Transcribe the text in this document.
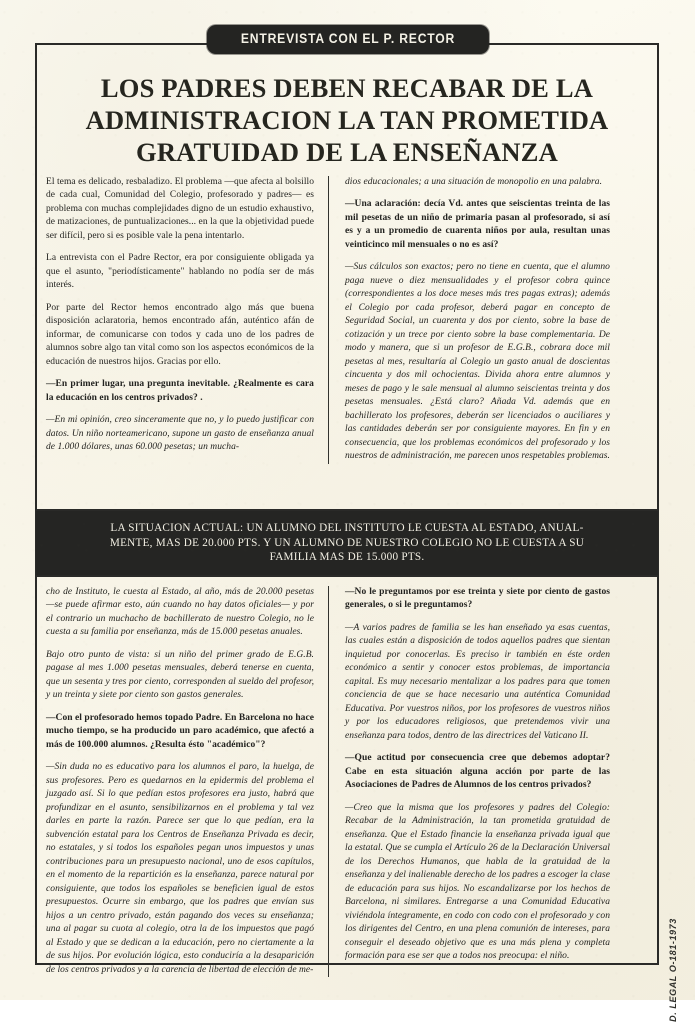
ENTREVISTA CON EL P. RECTOR
LOS PADRES DEBEN RECABAR DE LA
ADMINISTRACION LA TAN PROMETIDA
GRATUIDAD DE LA ENSEÑANZA

El tema es delicado, resbaladizo. El problema —que afecta al bolsillo de cada cual, Comunidad del Colegio, profesorado y padres— es problema con muchas complejidades digno de un estudio exhaustivo, de matizaciones, de puntualizaciones... en la que la objetividad puede ser difícil, pero si es posible vale la pena intentarlo.

La entrevista con el Padre Rector, era por consiguiente obligada ya que el asunto, "periodísticamente" hablando no podía ser de más interés.

Por parte del Rector hemos encontrado algo más que buena disposición aclaratoria, hemos encontrado afán, auténtico afán de informar, de comunicarse con todos y cada uno de los padres de alumnos sobre algo tan vital como son los aspectos económicos de la educación de nuestros hijos. Gracias por ello.

—En primer lugar, una pregunta inevitable. ¿Realmente es cara la educación en los centros privados? .

—En mi opinión, creo sinceramente que no, y lo puedo justificar con datos. Un niño norteamericano, supone un gasto de enseñanza anual de 1.000 dólares, unas 60.000 pesetas; un mucha-

dios educacionales; a una situación de monopolio en una palabra.

—Una aclaración: decía Vd. antes que seiscientas treinta de las mil pesetas de un niño de primaria pasan al profesorado, si así es y a un promedio de cuarenta niños por aula, resultan unas veinticinco mil mensuales o no es así?

—Sus cálculos son exactos; pero no tiene en cuenta, que el alumno paga nueve o diez mensualidades y el profesor cobra quince (correspondientes a los doce meses más tres pagas extras); además el Colegio por cada profesor, deberá pagar en concepto de Seguridad Social, un cuarenta y dos por ciento, sobre la base de cotización y un trece por ciento sobre la base complementaria. De modo y manera, que si un profesor de E.G.B., cobrara doce mil pesetas al mes, resultaría al Colegio un gasto anual de doscientas cincuenta y dos mil ochocientas. Divida ahora entre alumnos y meses de pago y le sale mensual al alumno seiscientas treinta y dos pesetas mensuales. ¿Está claro? Añada Vd. además que en bachillerato los profesores, deberán ser licenciados o auciliares y las cantidades deberán ser por consiguiente mayores. En fin y en consecuencia, que los problemas económicos del profesorado y los nuestros de administración, me parecen unos respetables problemas.

LA SITUACION ACTUAL: UN ALUMNO DEL INSTITUTO LE CUESTA AL ESTADO, ANUAL-
MENTE, MAS DE 20.000 PTS. Y UN ALUMNO DE NUESTRO COLEGIO NO LE CUESTA A SU
FAMILIA MAS DE 15.000 PTS.

cho de Instituto, le cuesta al Estado, al año, más de 20.000 pesetas —se puede afirmar esto, aún cuando no hay datos oficiales— y por el contrario un muchacho de bachillerato de nuestro Colegio, no le cuesta a su familia por enseñanza, más de 15.000 pesetas anuales.

Bajo otro punto de vista: si un niño del primer grado de E.G.B. pagase al mes 1.000 pesetas mensuales, deberá tenerse en cuenta, que un sesenta y tres por ciento, corresponden al sueldo del profesor, y un treinta y siete por ciento son gastos generales.

—Con el profesorado hemos topado Padre. En Barcelona no hace mucho tiempo, se ha producido un paro académico, que afectó a más de 100.000 alumnos. ¿Resulta ésto "académico"?

—Sin duda no es educativo para los alumnos el paro, la huelga, de sus profesores. Pero es quedarnos en la epidermis del problema el juzgado así. Si lo que pedían estos profesores era justo, habrá que profundizar en el asunto, sensibilizarnos en el problema y tal vez darles en parte la razón. Parece ser que lo que pedían, era la subvención estatal para los Centros de Enseñanza Privada es decir, no estatales, y si todos los españoles pegan unos impuestos y unas contribuciones para un presupuesto nacional, uno de esos capítulos, en el momento de la repartición es la enseñanza, parece natural por consiguiente, que todos los españoles se beneficien igual de estos presupuestos. Ocurre sin embargo, que los padres que envían sus hijos a un centro privado, están pagando dos veces su enseñanza; una al pagar su cuota al colegio, otra la de los impuestos que pagó al Estado y que se dedican a la educación, pero no ciertamente a la de sus hijos. Por evolución lógica, esto conduciría a la desaparición de los centros privados y a la carencia de libertad de elección de me-

—No le preguntamos por ese treinta y siete por ciento de gastos generales, o si le preguntamos?

—A varios padres de familia se les han enseñado ya esas cuentas, las cuales están a disposición de todos aquellos padres que sientan inquietud por conocerlas. Es preciso ir también en éste orden económico a sentir y conocer estos problemas, de importancia capital. Es muy necesario mentalizar a los padres para que tomen conciencia de que se hace necesario una auténtica Comunidad Educativa. Por vuestros niños, por los profesores de vuestros niños y por los educadores religiosos, que pretendemos vivir una enseñanza para todos, dentro de las directrices del Vaticano II.

—Que actitud por consecuencia cree que debemos adoptar? Cabe en esta situación alguna acción por parte de las Asociaciones de Padres de Alumnos de los centros privados?

—Creo que la misma que los profesores y padres del Colegio: Recabar de la Administración, la tan prometida gratuidad de enseñanza. Que el Estado financie la enseñanza privada igual que la estatal. Que se cumpla el Artículo 26 de la Declaración Universal de los Derechos Humanos, que habla de la gratuidad de la enseñanza y del inalienable derecho de los padres a escoger la clase de educación para sus hijos. No escandalizarse por los hechos de Barcelona, ni similares. Entregarse a una Comunidad Educativa viviéndola íntegramente, en codo con codo con el profesorado y con los dirigentes del Centro, en una plena comunión de intereses, para conseguir el deseado objetivo que es una más plena y completa formación para ese ser que a todos nos preocupa: el niño.	D. LEGAL O-181-1973
